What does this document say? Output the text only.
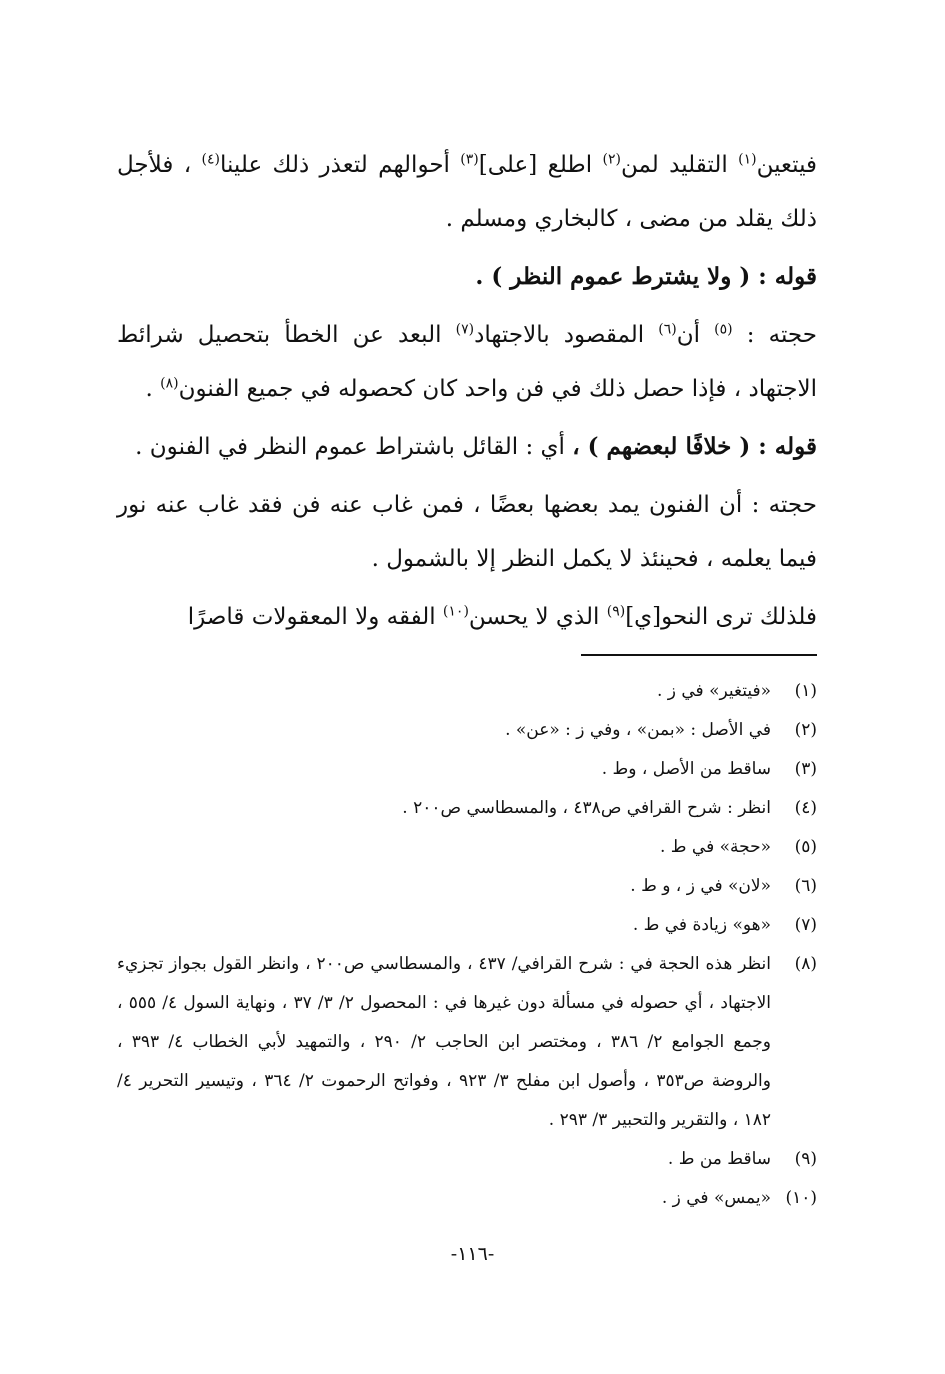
فيتعين$^{(١)}$ التقليد لمن$^{(٢)}$ اطلع [على]$^{(٣)}$ أحوالهم لتعذر ذلك علينا$^{(٤)}$ ، فلأجل ذلك يقلد من مضى ، كالبخاري ومسلم .

قوله : ( ولا يشترط عموم النظر ) .

حجته : $^{(٥)}$ أن$^{(٦)}$ المقصود بالاجتهاد$^{(٧)}$ البعد عن الخطأ بتحصيل شرائط الاجتهاد ، فإذا حصل ذلك في فن واحد كان كحصوله في جميع الفنون$^{(٨)}$ .

قوله : ( خلافًا لبعضهم ) ، أي : القائل باشتراط عموم النظر في الفنون .

حجته : أن الفنون يمد بعضها بعضًا ، فمن غاب عنه فن فقد غاب عنه نور فيما يعلمه ، فحينئذ لا يكمل النظر إلا بالشمول .

فلذلك ترى النحو[ي]$^{(٩)}$ الذي لا يحسن$^{(١٠)}$ الفقه ولا المعقولات قاصرًا

(١)
«فيتغير» في ز .
(٢)
في الأصل : «بمن» ، وفي ز : «عن» .
(٣)
ساقط من الأصل ، وط .
(٤)
انظر : شرح القرافي ص٤٣٨ ، والمسطاسي ص٢٠٠ .
(٥)
«حجة» في ط .
(٦)
«لان» في ز ، و ط .
(٧)
«هو» زيادة في ط .
(٨)
انظر هذه الحجة في : شرح القرافي/ ٤٣٧ ، والمسطاسي ص٢٠٠ ، وانظر القول بجواز تجزيء الاجتهاد ، أي حصوله في مسألة دون غيرها في : المحصول ٢/ ٣/ ٣٧ ، ونهاية السول ٤/ ٥٥٥ ، وجمع الجوامع ٢/ ٣٨٦ ، ومختصر ابن الحاجب ٢/ ٢٩٠ ، والتمهيد لأبي الخطاب ٤/ ٣٩٣ ، والروضة ص٣٥٣ ، وأصول ابن مفلح ٣/ ٩٢٣ ، وفواتح الرحموت ٢/ ٣٦٤ ، وتيسير التحرير ٤/ ١٨٢ ، والتقرير والتحبير ٣/ ٢٩٣ .
(٩)
ساقط من ط .
(١٠)
«يمس» في ز .
-١١٦-
